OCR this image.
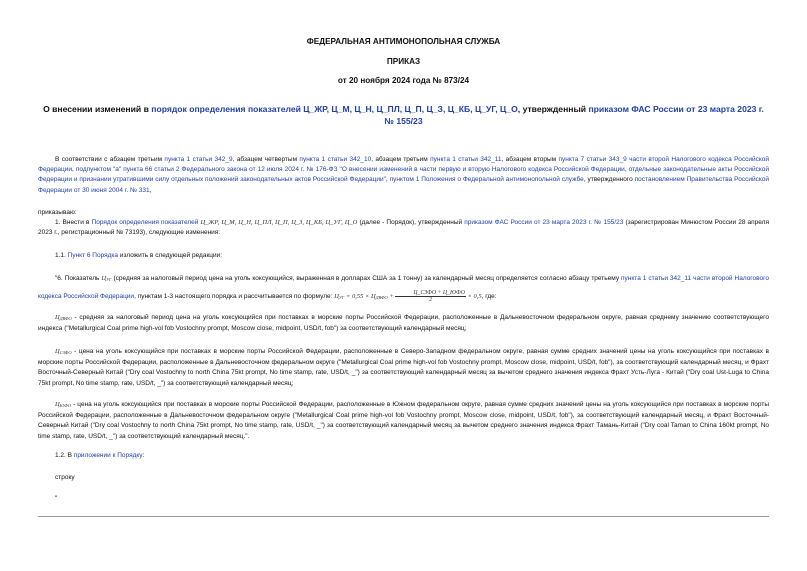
ФЕДЕРАЛЬНАЯ АНТИМОНОПОЛЬНАЯ СЛУЖБА
ПРИКАЗ
от 20 ноября 2024 года № 873/24
О внесении изменений в порядок определения показателей Ц_ЖР, Ц_М, Ц_Н, Ц_ПЛ, Ц_П, Ц_З, Ц_КБ, Ц_УГ, Ц_О, утвержденный приказом ФАС России от 23 марта 2023 г. № 155/23
В соответствии с абзацем третьим пункта 1 статьи 342_9, абзацем четвертым пункта 1 статьи 342_10, абзацем третьим пункта 1 статьи 342_11, абзацем вторым пункта 7 статьи 343_9 части второй Налогового кодекса Российской Федерации, подпунктом "а" пункта 66 статьи 2 Федерального закона от 12 июля 2024 г. № 176-ФЗ "О внесении изменений в части первую и вторую Налогового кодекса Российской Федерации, отдельные законодательные акты Российской Федерации и признании утратившими силу отдельных положений законодательных актов Российской Федерации", пунктом 1 Положения о Федеральной антимонопольной службе, утвержденного постановлением Правительства Российской Федерации от 30 июня 2004 г. № 331,
приказываю:
1. Внести в Порядок определения показателей Ц_ЖР, Ц_М, Ц_Н, Ц_ПЛ, Ц_П, Ц_З, Ц_КБ, Ц_УГ, Ц_О (далее - Порядок), утвержденный приказом ФАС России от 23 марта 2023 г. № 155/23 (зарегистрирован Минюстом России 28 апреля 2023 г., регистрационный № 73193), следующие изменения:
1.1. Пункт 6 Порядка изложить в следующей редакции:
"6. Показатель $Ц_{УГ}$ (средняя за налоговый период цена на уголь коксующийся, выраженная в долларах США за 1 тонну) за календарный месяц определяется согласно абзацу третьему пункта 1 статьи 342_11 части второй Налогового кодекса Российской Федерации, пунктам 1-3 настоящего порядка и рассчитывается по формуле: $Ц_{УГ} = 0,55 \times Ц_{ДВФО} + \frac{\text{Ц\_СЗФО + Ц\_ЮФО}}{2} \times 0,5$, где:
$Ц_{ДВФО}$ - средняя за налоговый период цена на уголь коксующийся при поставках в морские порты Российской Федерации, расположенные в Дальневосточном федеральном округе, равная среднему значению соответствующего индекса ("Metallurgical Coal prime high-vol fob Vostochny prompt, Moscow close, midpoint, USD/t, fob") за соответствующий календарный месяц;
$Ц_{СЗФО}$ - цена на уголь коксующийся при поставках в морские порты Российской Федерации, расположенные в Северо-Западном федеральном округе, равная сумме средних значений цены на уголь коксующийся при поставках в морские порты Российской Федерации, расположенные в Дальневосточном федеральном округе ("Metallurgical Coal prime high-vol fob Vostochny prompt, Moscow close, midpoint, USD/t, fob"), за соответствующий календарный месяц, и Фрахт Восточный-Северный Китай ("Dry coal Vostochny to north China 75kt prompt, No time stamp, rate, USD/t, _") за соответствующий календарный месяц за вычетом среднего значения индекса Фрахт Усть-Луга - Китай ("Dry coal Ust-Luga to China 75kt prompt, No time stamp, rate, USD/t, _") за соответствующий календарный месяц;
$Ц_{ЮФО}$ - цена на уголь коксующийся при поставках в морские порты Российской Федерации, расположенные в Южном федеральном округе, равная сумме средних значений цены на уголь коксующийся при поставках в морские порты Российской Федерации, расположенные в Дальневосточном федеральном округе ("Metallurgical Coal prime high-vol fob Vostochny prompt, Moscow close, midpoint, USD/t, fob"), за соответствующий календарный месяц, и Фрахт Восточный-Северный Китай ("Dry coal Vostochny to north China 75kt prompt, No time stamp, rate, USD/t, _") за соответствующий календарный месяц за вычетом среднего значения индекса Фрахт Тамань-Китай ("Dry coal Taman to China 160kt prompt, No time stamp, rate, USD/t, _") за соответствующий календарный месяц.".
1.2. В приложении к Порядку:
строку
"
